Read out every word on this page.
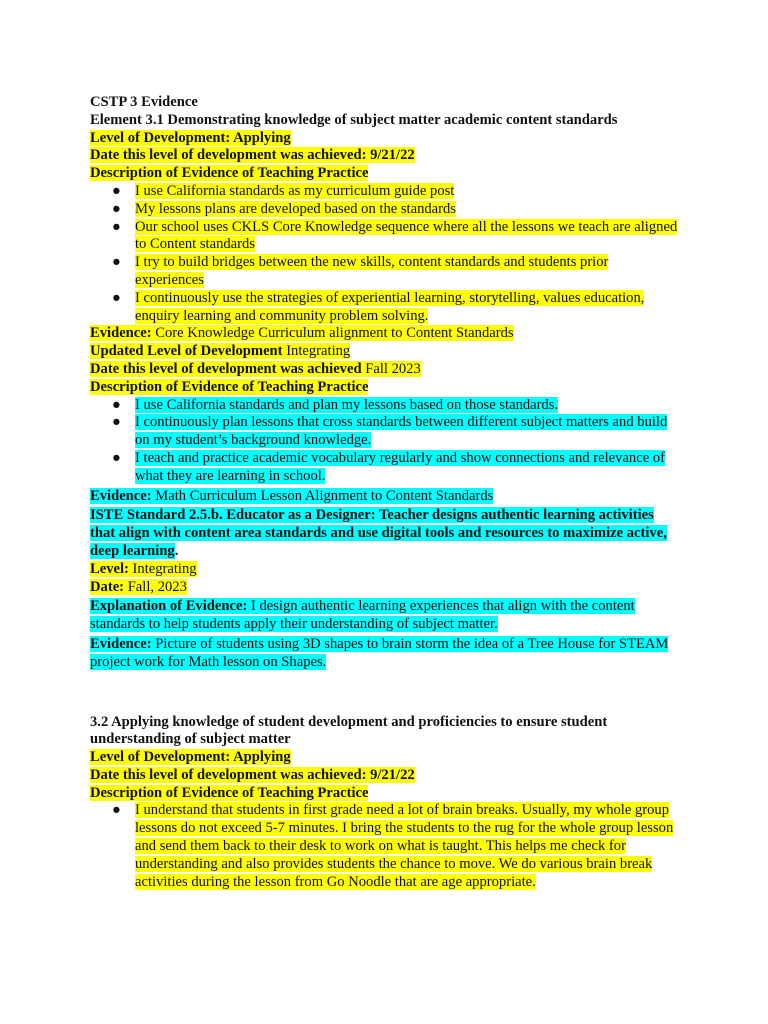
CSTP 3 Evidence
Element 3.1 Demonstrating knowledge of subject matter academic content standards
Level of Development: Applying
Date this level of development was achieved: 9/21/22
Description of Evidence of Teaching Practice
● I use California standards as my curriculum guide post
● My lessons plans are developed based on the standards
● Our school uses CKLS Core Knowledge sequence where all the lessons we teach are aligned to Content standards
● I try to build bridges between the new skills, content standards and students prior experiences
● I continuously use the strategies of experiential learning, storytelling, values education, enquiry learning and community problem solving.
Evidence: Core Knowledge Curriculum alignment to Content Standards
Updated Level of Development Integrating
Date this level of development was achieved Fall 2023
Description of Evidence of Teaching Practice
● I use California standards and plan my lessons based on those standards.
● I continuously plan lessons that cross standards between different subject matters and build on my student’s background knowledge.
● I teach and practice academic vocabulary regularly and show connections and relevance of what they are learning in school.
Evidence: Math Curriculum Lesson Alignment to Content Standards
ISTE Standard 2.5.b. Educator as a Designer: Teacher designs authentic learning activities that align with content area standards and use digital tools and resources to maximize active, deep learning.
Level: Integrating
Date: Fall, 2023
Explanation of Evidence: I design authentic learning experiences that align with the content standards to help students apply their understanding of subject matter.
Evidence: Picture of students using 3D shapes to brain storm the idea of a Tree House for STEAM project work for Math lesson on Shapes.
3.2 Applying knowledge of student development and proficiencies to ensure student understanding of subject matter
Level of Development: Applying
Date this level of development was achieved: 9/21/22
Description of Evidence of Teaching Practice
● I understand that students in first grade need a lot of brain breaks. Usually, my whole group lessons do not exceed 5-7 minutes. I bring the students to the rug for the whole group lesson and send them back to their desk to work on what is taught. This helps me check for understanding and also provides students the chance to move. We do various brain break activities during the lesson from Go Noodle that are age appropriate.
